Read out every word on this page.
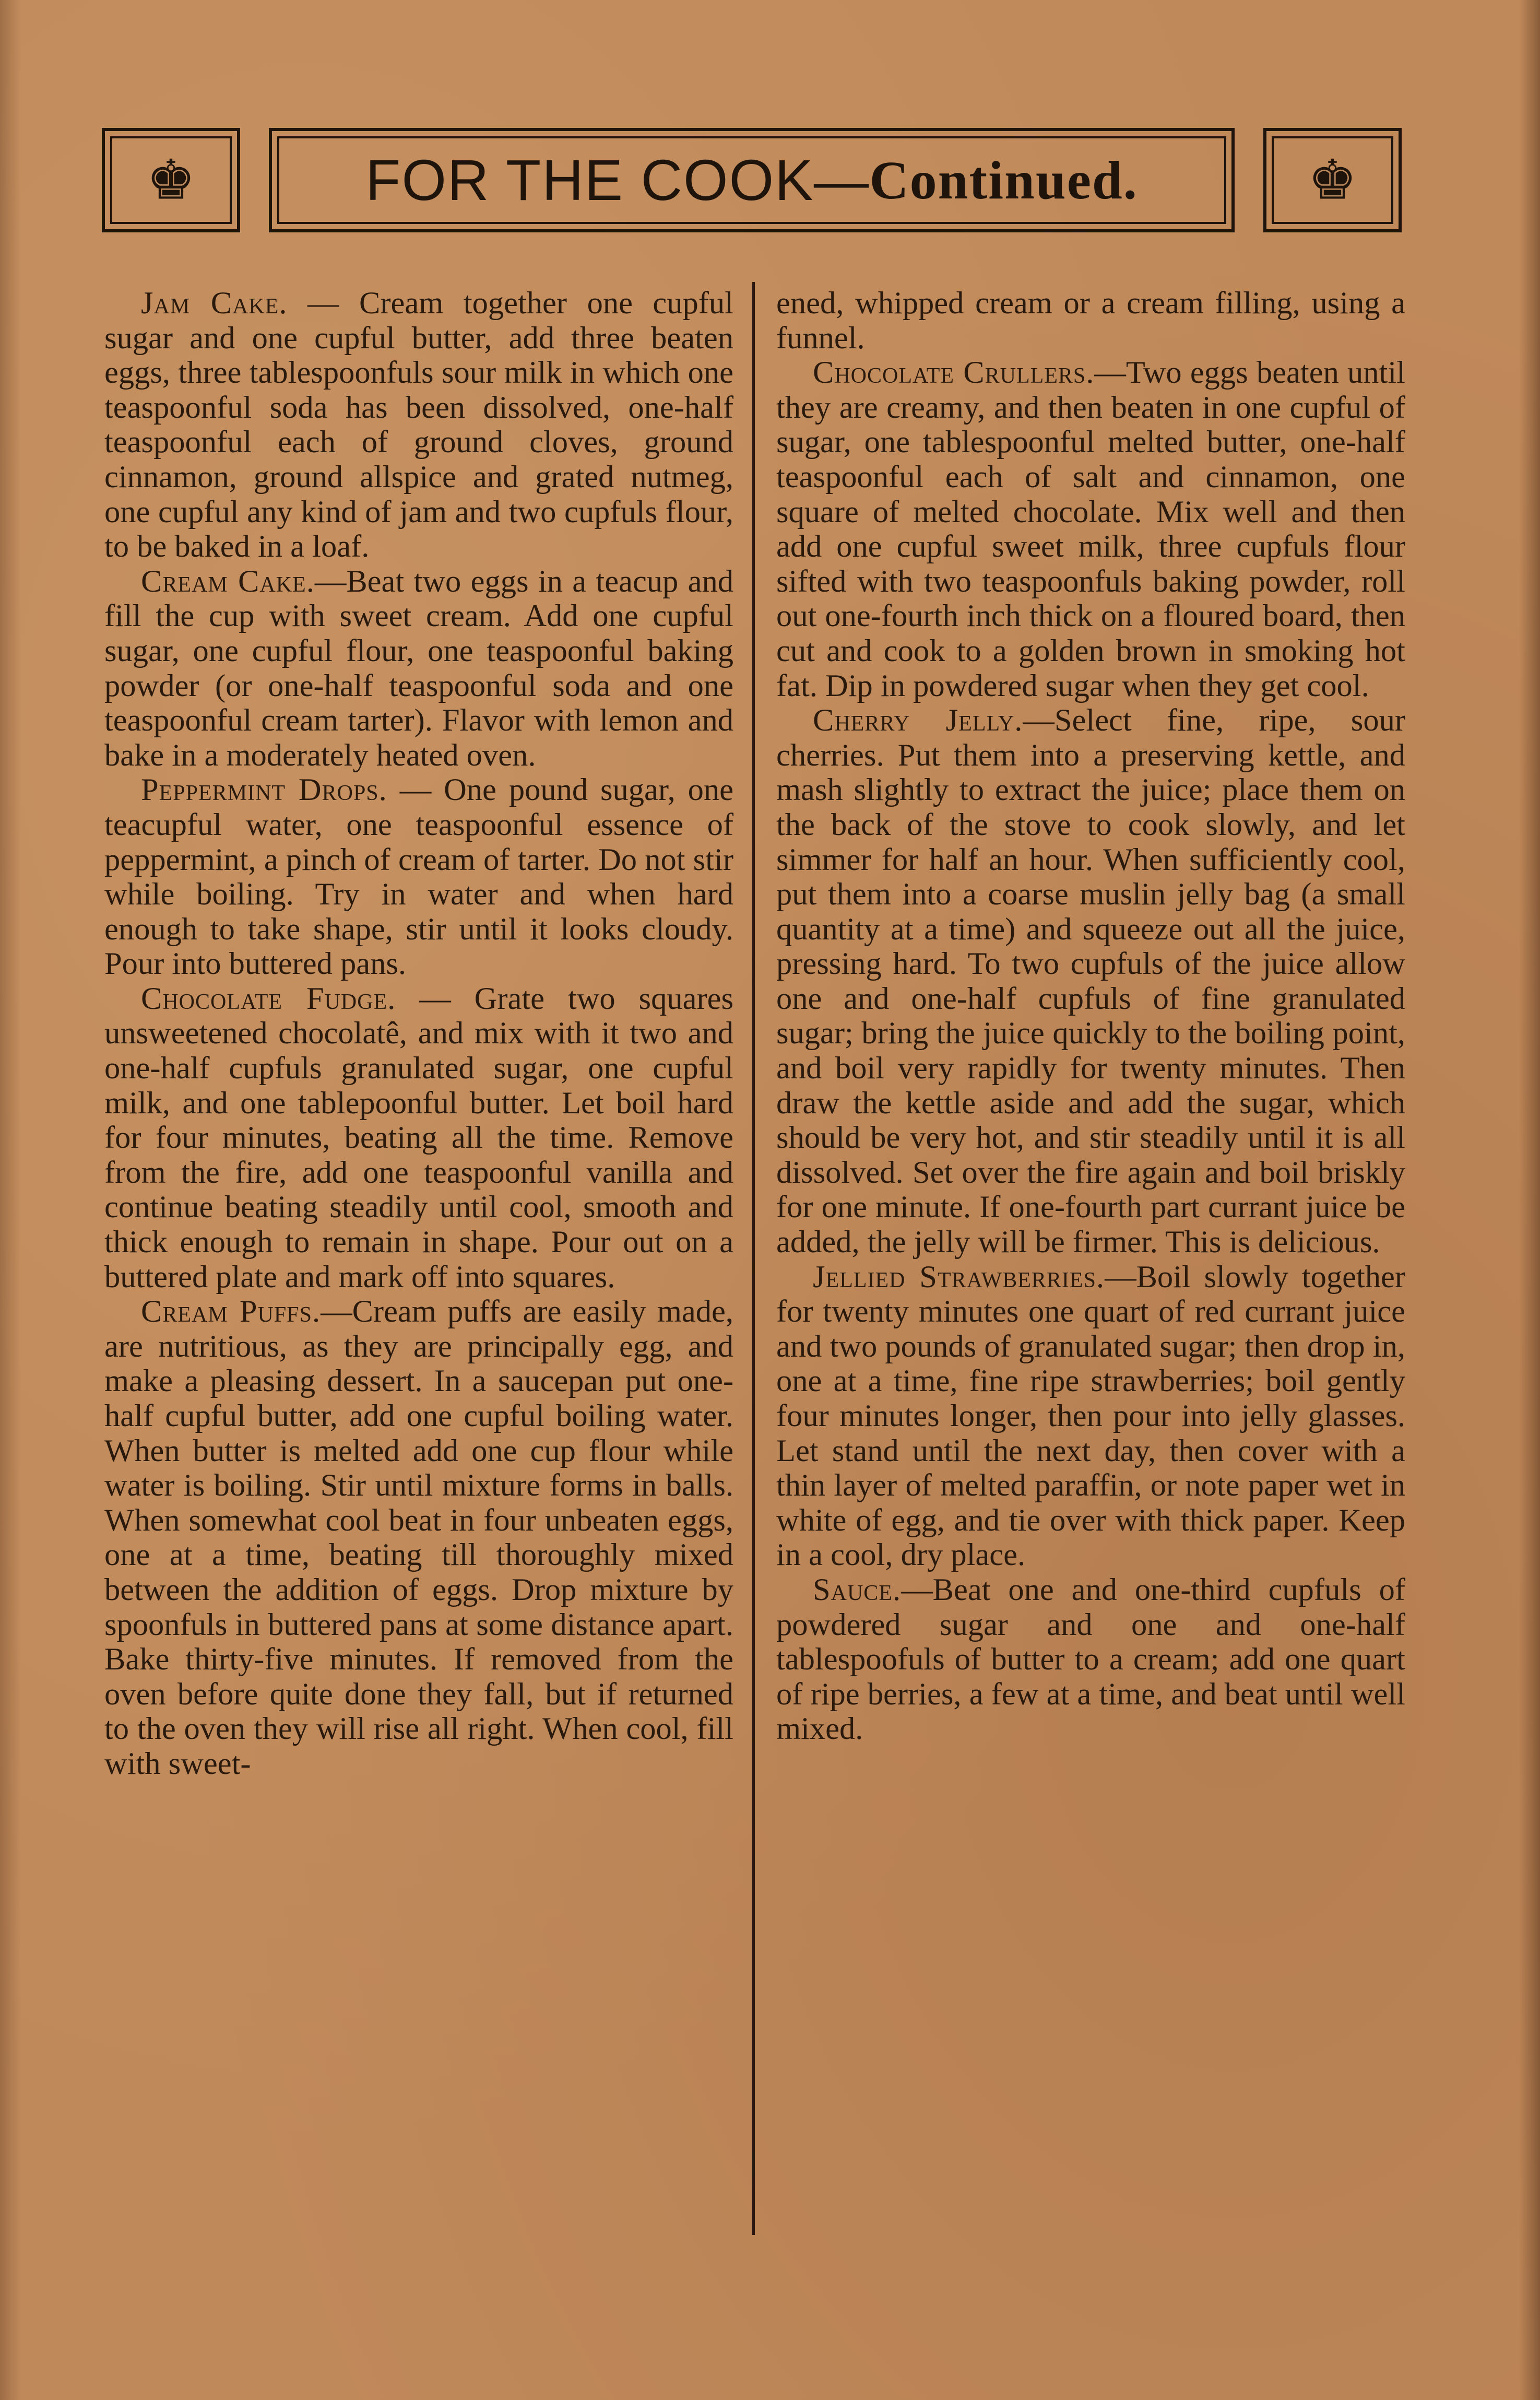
♚	FOR THE COOK —Continued.	♚

Jam Cake. — Cream together one cupful sugar and one cupful butter, add three beaten eggs, three tablespoonfuls sour milk in which one teaspoonful soda has been dissolved, one-half teaspoonful each of ground cloves, ground cinnamon, ground allspice and grated nutmeg, one cupful any kind of jam and two cupfuls flour, to be baked in a loaf.

Cream Cake.—Beat two eggs in a teacup and fill the cup with sweet cream. Add one cupful sugar, one cupful flour, one teaspoonful baking powder (or one-half teaspoonful soda and one teaspoonful cream tarter). Flavor with lemon and bake in a moderately heated oven.

Peppermint Drops. — One pound sugar, one teacupful water, one teaspoonful essence of peppermint, a pinch of cream of tarter. Do not stir while boiling. Try in water and when hard enough to take shape, stir until it looks cloudy. Pour into buttered pans.

Chocolate Fudge. — Grate two squares unsweetened chocolatê, and mix with it two and one-half cupfuls granulated sugar, one cupful milk, and one tablepoonful butter. Let boil hard for four minutes, beating all the time. Remove from the fire, add one teaspoonful vanilla and continue beating steadily until cool, smooth and thick enough to remain in shape. Pour out on a buttered plate and mark off into squares.

Cream Puffs.—Cream puffs are easily made, are nutritious, as they are principally egg, and make a pleasing dessert. In a saucepan put one-half cupful butter, add one cupful boiling water. When butter is melted add one cup flour while water is boiling. Stir until mixture forms in balls. When somewhat cool beat in four unbeaten eggs, one at a time, beating till thoroughly mixed between the addition of eggs. Drop mixture by spoonfuls in buttered pans at some distance apart. Bake thirty-five minutes. If removed from the oven before quite done they fall, but if returned to the oven they will rise all right. When cool, fill with sweet-

ened, whipped cream or a cream filling, using a funnel.

Chocolate Crullers.—Two eggs beaten until they are creamy, and then beaten in one cupful of sugar, one tablespoonful melted butter, one-half teaspoonful each of salt and cinnamon, one square of melted chocolate. Mix well and then add one cupful sweet milk, three cupfuls flour sifted with two teaspoonfuls baking powder, roll out one-fourth inch thick on a floured board, then cut and cook to a golden brown in smoking hot fat. Dip in powdered sugar when they get cool.

Cherry Jelly.—Select fine, ripe, sour cherries. Put them into a preserving kettle, and mash slightly to extract the juice; place them on the back of the stove to cook slowly, and let simmer for half an hour. When sufficiently cool, put them into a coarse muslin jelly bag (a small quantity at a time) and squeeze out all the juice, pressing hard. To two cupfuls of the juice allow one and one-half cupfuls of fine granulated sugar; bring the juice quickly to the boiling point, and boil very rapidly for twenty minutes. Then draw the kettle aside and add the sugar, which should be very hot, and stir steadily until it is all dissolved. Set over the fire again and boil briskly for one minute. If one-fourth part currant juice be added, the jelly will be firmer. This is delicious.

Jellied Strawberries.—Boil slowly together for twenty minutes one quart of red currant juice and two pounds of granulated sugar; then drop in, one at a time, fine ripe strawberries; boil gently four minutes longer, then pour into jelly glasses. Let stand until the next day, then cover with a thin layer of melted paraffin, or note paper wet in white of egg, and tie over with thick paper. Keep in a cool, dry place.

Sauce.—Beat one and one-third cupfuls of powdered sugar and one and one-half tablespoofuls of butter to a cream; add one quart of ripe berries, a few at a time, and beat until well mixed.
